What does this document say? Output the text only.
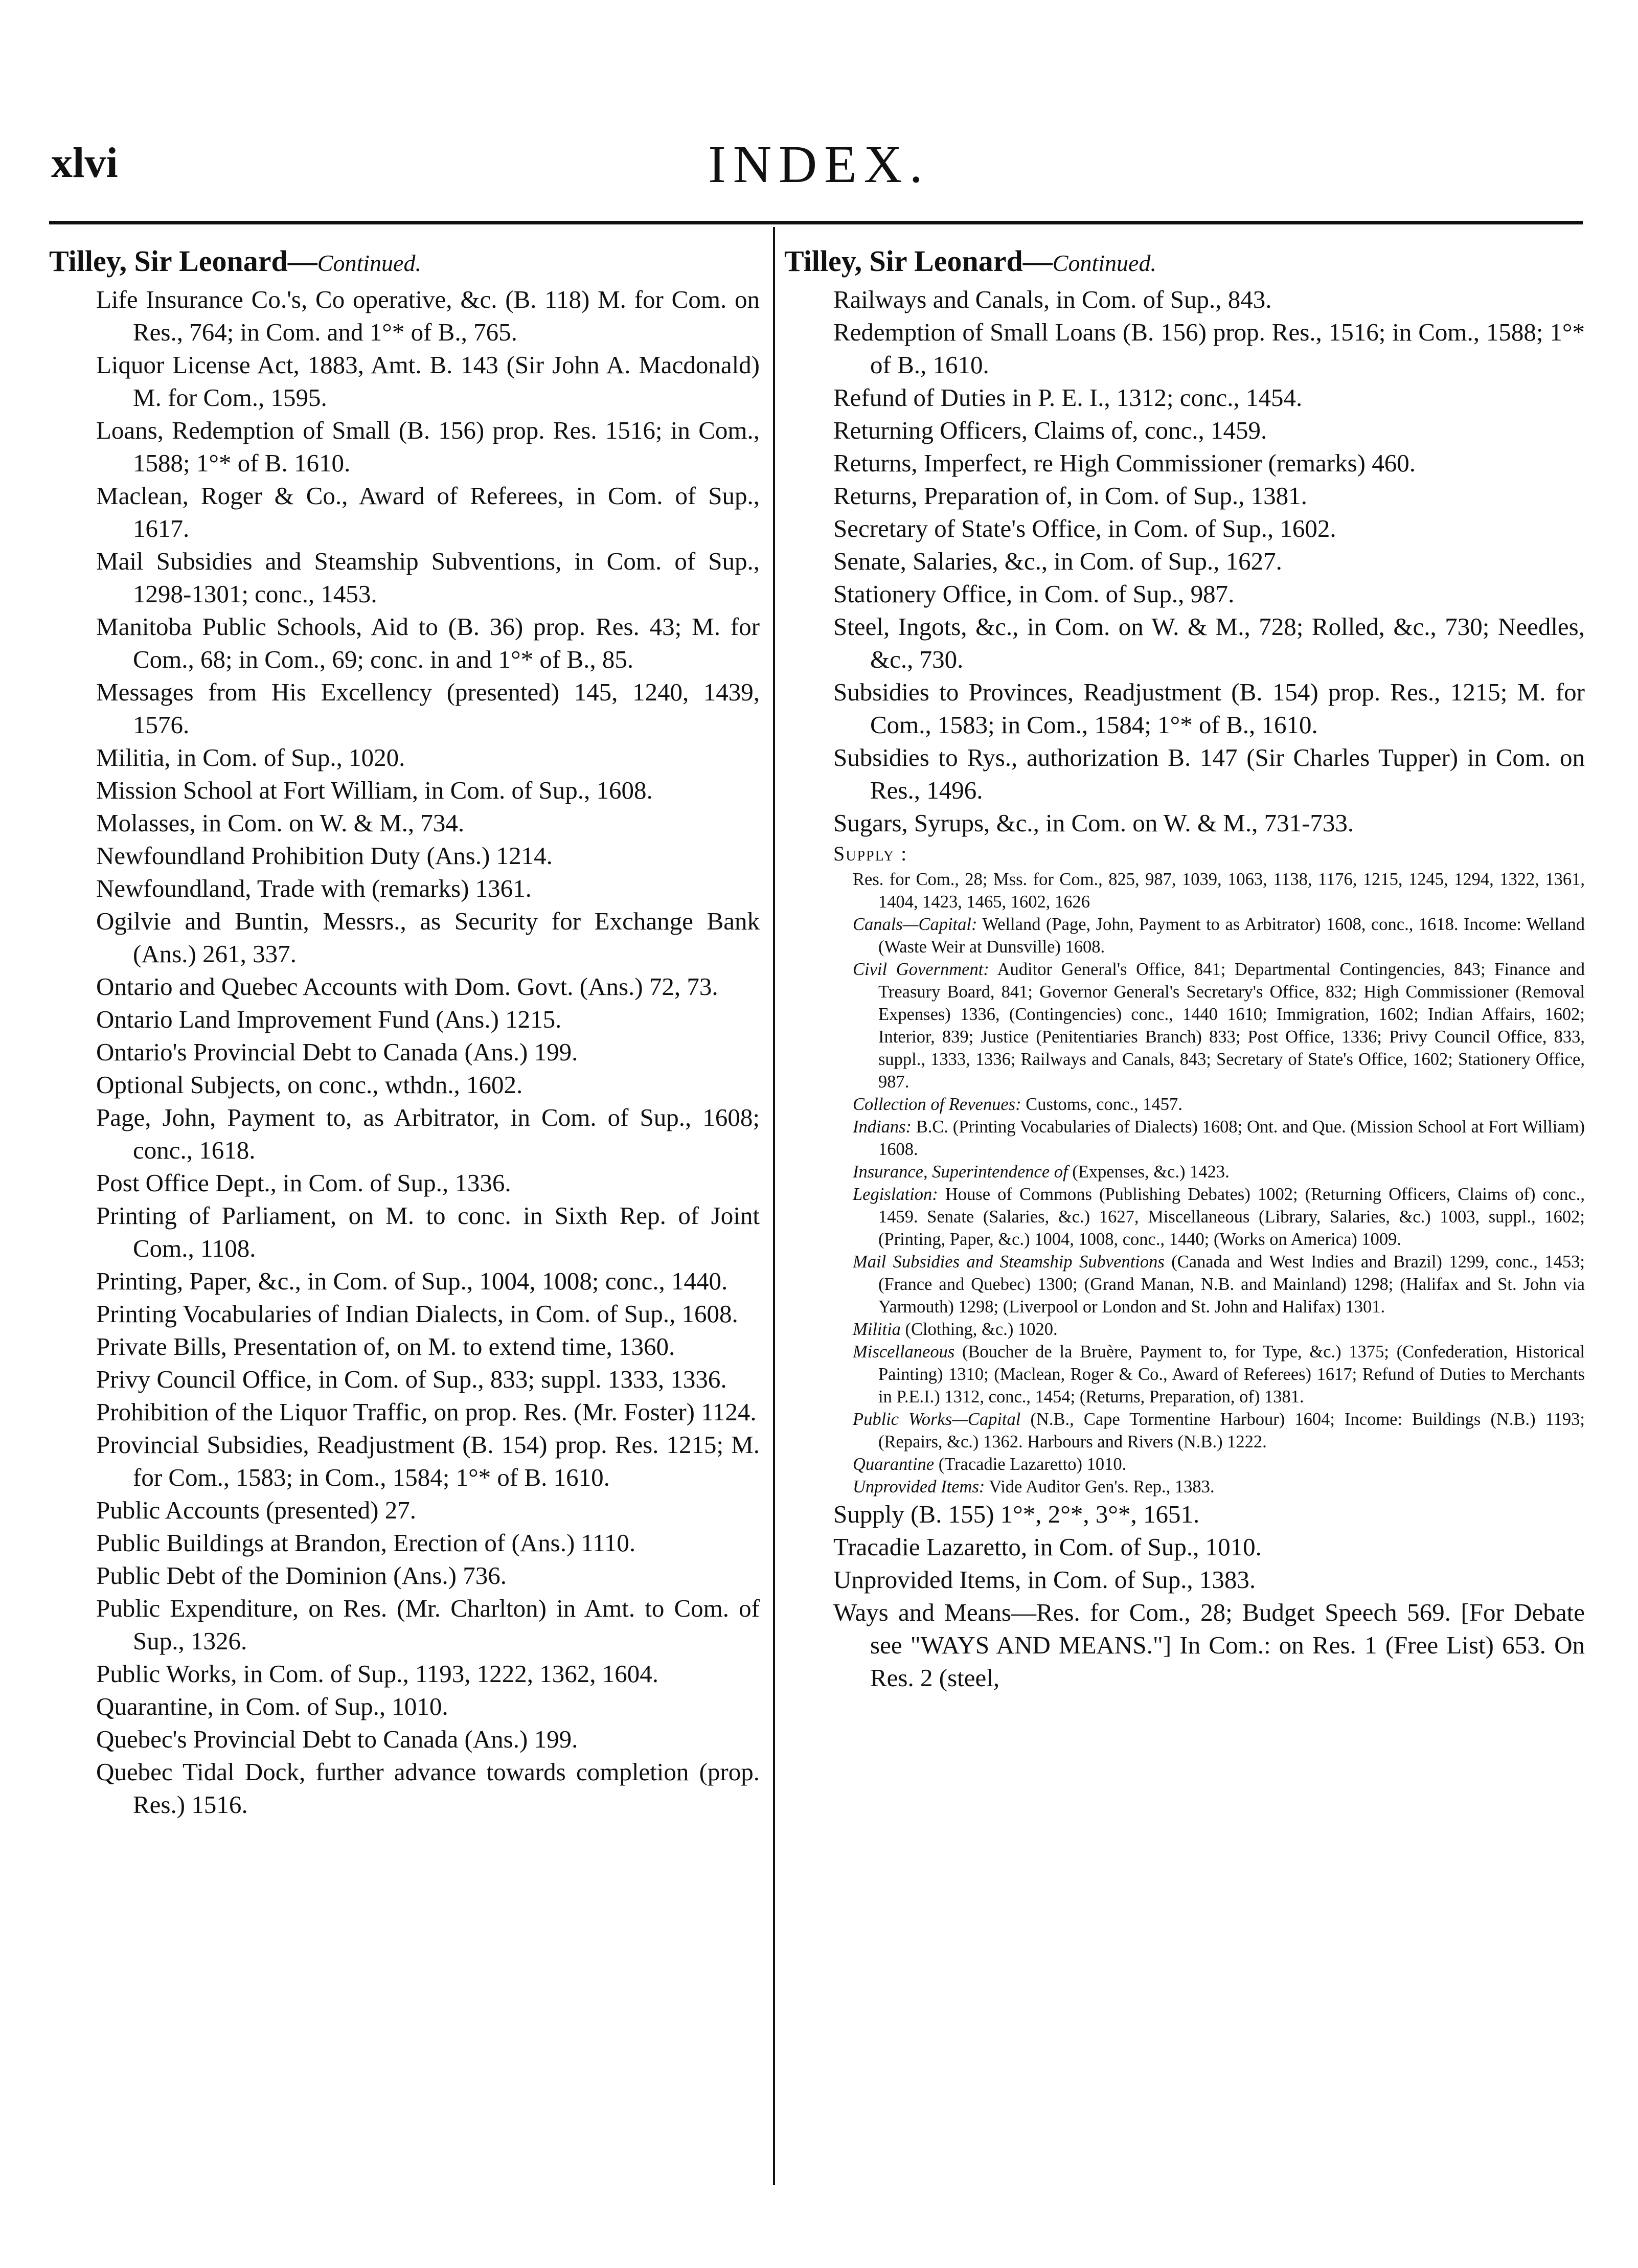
xlvi	INDEX.
Tilley, Sir Leonard—Continued.
Life Insurance Co.'s, Co operative, &c. (B. 118) M. for Com. on Res., 764; in Com. and 1°* of B., 765.
Liquor License Act, 1883, Amt. B. 143 (Sir John A. Macdonald) M. for Com., 1595.
Loans, Redemption of Small (B. 156) prop. Res. 1516; in Com., 1588; 1°* of B. 1610.
Maclean, Roger & Co., Award of Referees, in Com. of Sup., 1617.
Mail Subsidies and Steamship Subventions, in Com. of Sup., 1298-1301; conc., 1453.
Manitoba Public Schools, Aid to (B. 36) prop. Res. 43; M. for Com., 68; in Com., 69; conc. in and 1°* of B., 85.
Messages from His Excellency (presented) 145, 1240, 1439, 1576.
Militia, in Com. of Sup., 1020.
Mission School at Fort William, in Com. of Sup., 1608.
Molasses, in Com. on W. & M., 734.
Newfoundland Prohibition Duty (Ans.) 1214.
Newfoundland, Trade with (remarks) 1361.
Ogilvie and Buntin, Messrs., as Security for Exchange Bank (Ans.) 261, 337.
Ontario and Quebec Accounts with Dom. Govt. (Ans.) 72, 73.
Ontario Land Improvement Fund (Ans.) 1215.
Ontario's Provincial Debt to Canada (Ans.) 199.
Optional Subjects, on conc., wthdn., 1602.
Page, John, Payment to, as Arbitrator, in Com. of Sup., 1608; conc., 1618.
Post Office Dept., in Com. of Sup., 1336.
Printing of Parliament, on M. to conc. in Sixth Rep. of Joint Com., 1108.
Printing, Paper, &c., in Com. of Sup., 1004, 1008; conc., 1440.
Printing Vocabularies of Indian Dialects, in Com. of Sup., 1608.
Private Bills, Presentation of, on M. to extend time, 1360.
Privy Council Office, in Com. of Sup., 833; suppl. 1333, 1336.
Prohibition of the Liquor Traffic, on prop. Res. (Mr. Foster) 1124.
Provincial Subsidies, Readjustment (B. 154) prop. Res. 1215; M. for Com., 1583; in Com., 1584; 1°* of B. 1610.
Public Accounts (presented) 27.
Public Buildings at Brandon, Erection of (Ans.) 1110.
Public Debt of the Dominion (Ans.) 736.
Public Expenditure, on Res. (Mr. Charlton) in Amt. to Com. of Sup., 1326.
Public Works, in Com. of Sup., 1193, 1222, 1362, 1604.
Quarantine, in Com. of Sup., 1010.
Quebec's Provincial Debt to Canada (Ans.) 199.
Quebec Tidal Dock, further advance towards completion (prop. Res.) 1516.
Tilley, Sir Leonard—Continued.
Railways and Canals, in Com. of Sup., 843.
Redemption of Small Loans (B. 156) prop. Res., 1516; in Com., 1588; 1°* of B., 1610.
Refund of Duties in P. E. I., 1312; conc., 1454.
Returning Officers, Claims of, conc., 1459.
Returns, Imperfect, re High Commissioner (remarks) 460.
Returns, Preparation of, in Com. of Sup., 1381.
Secretary of State's Office, in Com. of Sup., 1602.
Senate, Salaries, &c., in Com. of Sup., 1627.
Stationery Office, in Com. of Sup., 987.
Steel, Ingots, &c., in Com. on W. & M., 728; Rolled, &c., 730; Needles, &c., 730.
Subsidies to Provinces, Readjustment (B. 154) prop. Res., 1215; M. for Com., 1583; in Com., 1584; 1°* of B., 1610.
Subsidies to Rys., authorization B. 147 (Sir Charles Tupper) in Com. on Res., 1496.
Sugars, Syrups, &c., in Com. on W. & M., 731-733.
Supply :
Res. for Com., 28; Mss. for Com., 825, 987, 1039, 1063, 1138, 1176, 1215, 1245, 1294, 1322, 1361, 1404, 1423, 1465, 1602, 1626
Canals—Capital: Welland (Page, John, Payment to as Arbitrator) 1608, conc., 1618. Income: Welland (Waste Weir at Dunsville) 1608.
Civil Government: Auditor General's Office, 841; Departmental Contingencies, 843; Finance and Treasury Board, 841; Governor General's Secretary's Office, 832; High Commissioner (Removal Expenses) 1336, (Contingencies) conc., 1440 1610; Immigration, 1602; Indian Affairs, 1602; Interior, 839; Justice (Penitentiaries Branch) 833; Post Office, 1336; Privy Council Office, 833, suppl., 1333, 1336; Railways and Canals, 843; Secretary of State's Office, 1602; Stationery Office, 987.
Collection of Revenues: Customs, conc., 1457.
Indians: B.C. (Printing Vocabularies of Dialects) 1608; Ont. and Que. (Mission School at Fort William) 1608.
Insurance, Superintendence of (Expenses, &c.) 1423.
Legislation: House of Commons (Publishing Debates) 1002; (Returning Officers, Claims of) conc., 1459. Senate (Salaries, &c.) 1627, Miscellaneous (Library, Salaries, &c.) 1003, suppl., 1602; (Printing, Paper, &c.) 1004, 1008, conc., 1440; (Works on America) 1009.
Mail Subsidies and Steamship Subventions (Canada and West Indies and Brazil) 1299, conc., 1453; (France and Quebec) 1300; (Grand Manan, N.B. and Mainland) 1298; (Halifax and St. John via Yarmouth) 1298; (Liverpool or London and St. John and Halifax) 1301.
Militia (Clothing, &c.) 1020.
Miscellaneous (Boucher de la Bruère, Payment to, for Type, &c.) 1375; (Confederation, Historical Painting) 1310; (Maclean, Roger & Co., Award of Referees) 1617; Refund of Duties to Merchants in P.E.I.) 1312, conc., 1454; (Returns, Preparation, of) 1381.
Public Works—Capital (N.B., Cape Tormentine Harbour) 1604; Income: Buildings (N.B.) 1193; (Repairs, &c.) 1362. Harbours and Rivers (N.B.) 1222.
Quarantine (Tracadie Lazaretto) 1010.
Unprovided Items: Vide Auditor Gen's. Rep., 1383.
Supply (B. 155) 1°*, 2°*, 3°*, 1651.
Tracadie Lazaretto, in Com. of Sup., 1010.
Unprovided Items, in Com. of Sup., 1383.
Ways and Means—Res. for Com., 28; Budget Speech 569. [For Debate see "WAYS AND MEANS."] In Com.: on Res. 1 (Free List) 653. On Res. 2 (steel,
